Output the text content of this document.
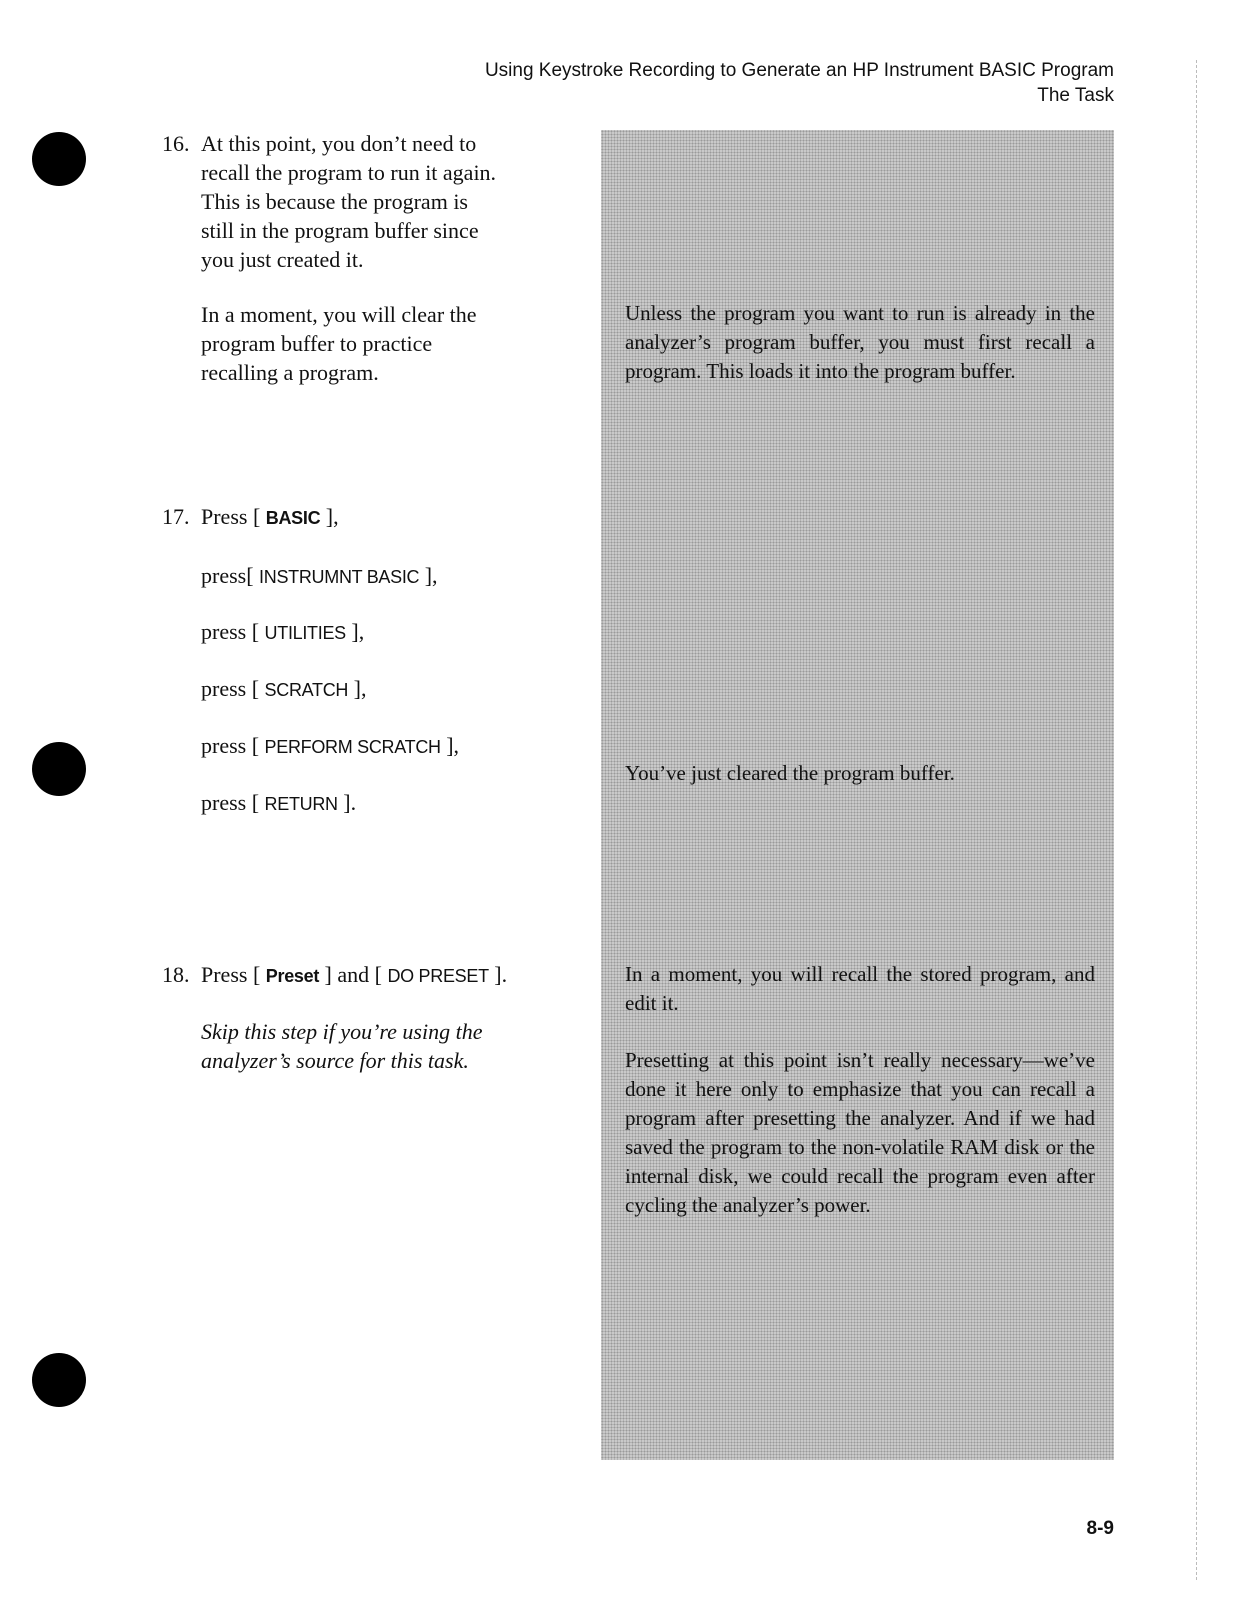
Using Keystroke Recording to Generate an HP Instrument BASIC Program
The Task
16. At this point, you don’t need to
recall the program to run it again.
This is because the program is
still in the program buffer since
you just created it.
In a moment, you will clear the
program buffer to practice
recalling a program.
17. Press [ BASIC ],
press[ INSTRUMNT BASIC ],
press [ UTILITIES ],
press [ SCRATCH ],
press [ PERFORM SCRATCH ],
press [ RETURN ].
18. Press [ Preset ] and [ DO PRESET ].
Skip this step if you’re using the
analyzer’s source for this task.
Unless the program you want to run is already in the analyzer’s program buffer, you must first recall a program. This loads it into the program buffer.
You’ve just cleared the program buffer.
In a moment, you will recall the stored program, and edit it.
Presetting at this point isn’t really necessary—we’ve done it here only to emphasize that you can recall a program after presetting the analyzer. And if we had saved the program to the non-volatile RAM disk or the internal disk, we could recall the program even after cycling the analyzer’s power.
8-9
